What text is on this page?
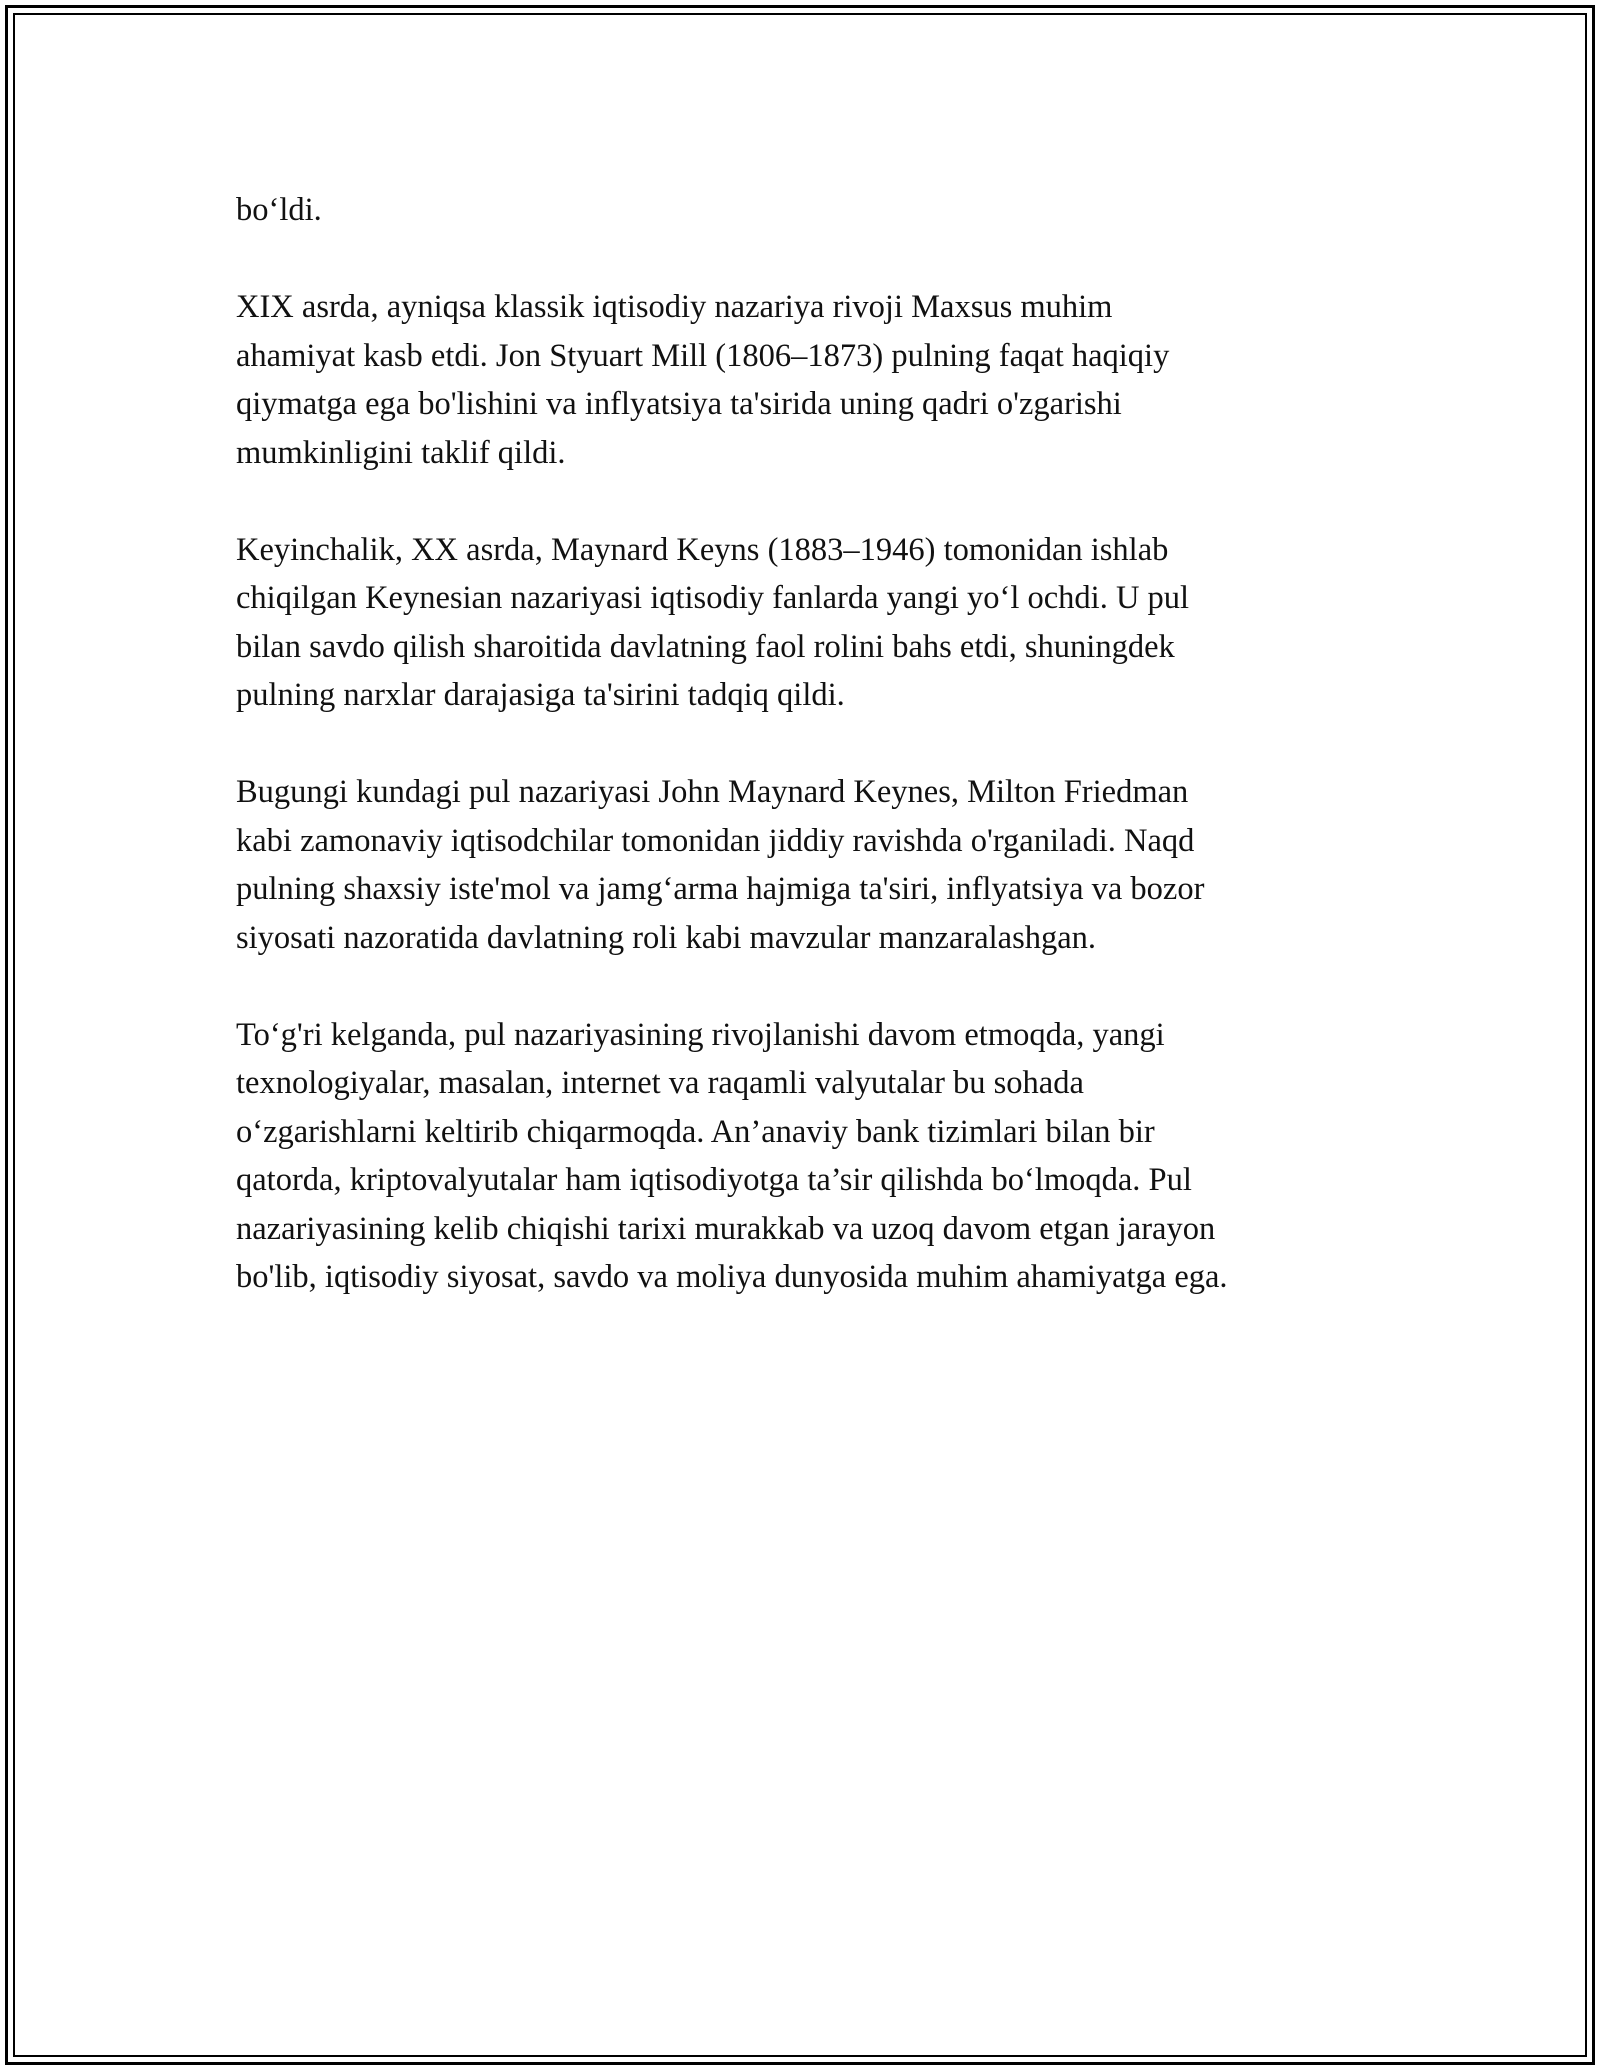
bo‘ldi.

XIX asrda, ayniqsa klassik iqtisodiy nazariya rivoji Maxsus muhim
ahamiyat kasb etdi. Jon Styuart Mill (1806–1873) pulning faqat haqiqiy
qiymatga ega bo'lishini va inflyatsiya ta'sirida uning qadri o'zgarishi
mumkinligini taklif qildi.

Keyinchalik, XX asrda, Maynard Keyns (1883–1946) tomonidan ishlab
chiqilgan Keynesian nazariyasi iqtisodiy fanlarda yangi yo‘l ochdi. U pul
bilan savdo qilish sharoitida davlatning faol rolini bahs etdi, shuningdek
pulning narxlar darajasiga ta'sirini tadqiq qildi.

Bugungi kundagi pul nazariyasi John Maynard Keynes, Milton Friedman
kabi zamonaviy iqtisodchilar tomonidan jiddiy ravishda o'rganiladi. Naqd
pulning shaxsiy iste'mol va jamg‘arma hajmiga ta'siri, inflyatsiya va bozor
siyosati nazoratida davlatning roli kabi mavzular manzaralashgan.

To‘g'ri kelganda, pul nazariyasining rivojlanishi davom etmoqda, yangi
texnologiyalar, masalan, internet va raqamli valyutalar bu sohada
o‘zgarishlarni keltirib chiqarmoqda. An’anaviy bank tizimlari bilan bir
qatorda, kriptovalyutalar ham iqtisodiyotga ta’sir qilishda bo‘lmoqda. Pul
nazariyasining kelib chiqishi tarixi murakkab va uzoq davom etgan jarayon
bo'lib, iqtisodiy siyosat, savdo va moliya dunyosida muhim ahamiyatga ega.
